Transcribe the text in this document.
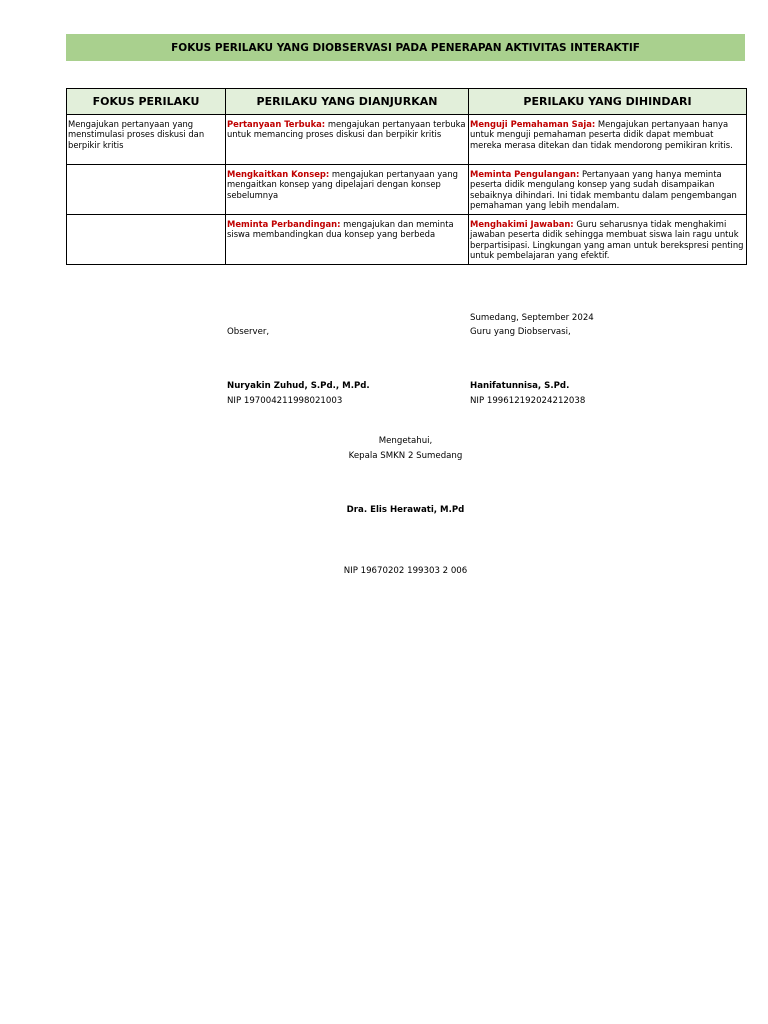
FOKUS PERILAKU YANG DIOBSERVASI PADA PENERAPAN AKTIVITAS INTERAKTIF
FOKUS PERILAKU	PERILAKU YANG DIANJURKAN	PERILAKU YANG DIHINDARI
Mengajukan pertanyaan yang menstimulasi proses diskusi dan berpikir kritis	Pertanyaan Terbuka: mengajukan pertanyaan terbuka untuk memancing proses diskusi dan berpikir kritis	Menguji Pemahaman Saja: Mengajukan pertanyaan hanya untuk menguji pemahaman peserta didik dapat membuat mereka merasa ditekan dan tidak mendorong pemikiran kritis.
	Mengkaitkan Konsep: mengajukan pertanyaan yang mengaitkan konsep yang dipelajari dengan konsep sebelumnya	Meminta Pengulangan: Pertanyaan yang hanya meminta peserta didik mengulang konsep yang sudah disampaikan sebaiknya dihindari. Ini tidak membantu dalam pengembangan pemahaman yang lebih mendalam.
	Meminta Perbandingan: mengajukan dan meminta siswa membandingkan dua konsep yang berbeda	Menghakimi Jawaban: Guru seharusnya tidak menghakimi jawaban peserta didik sehingga membuat siswa lain ragu untuk berpartisipasi. Lingkungan yang aman untuk berekspresi penting untuk pembelajaran yang efektif.
Sumedang, September 2024
Observer,	Guru yang Diobservasi,
Nuryakin Zuhud, S.Pd., M.Pd.
NIP 197004211998021003
Hanifatunnisa, S.Pd.
NIP 199612192024212038
Mengetahui,
Kepala SMKN 2 Sumedang
Dra. Elis Herawati, M.Pd
NIP 19670202 199303 2 006
